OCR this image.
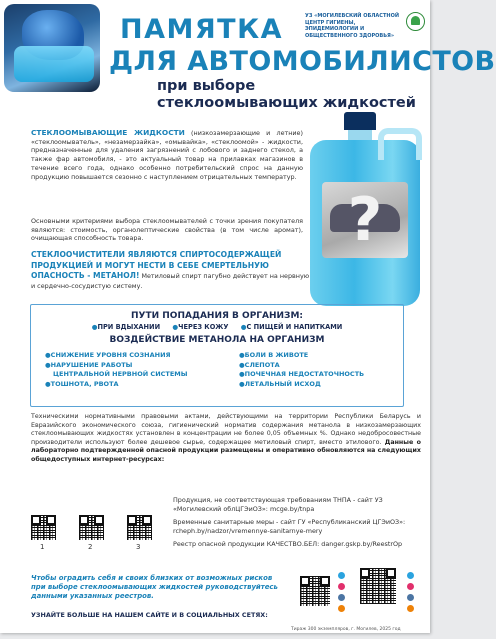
ПАМЯТКА
ДЛЯ АВТОМОБИЛИСТОВ
при выборе стеклоомывающих жидкостей
УЗ «МОГИЛЕВСКИЙ ОБЛАСТНОЙ ЦЕНТР ГИГИЕНЫ, ЭПИДЕМИОЛОГИИ И ОБЩЕСТВЕННОГО ЗДОРОВЬЯ»
СТЕКЛООМЫВАЮЩИЕ ЖИДКОСТИ (низкозамерзающие и летние) «стеклоомыватель», «незамерзайка», «омывайка», «стеклоомой» - жидкости, предназначенные для удаления загрязнений с лобового и заднего стекол, а также фар автомобиля, - это актуальный товар на прилавках магазинов в течение всего года, однако особенно потребительский спрос на данную продукцию повышается сезонно с наступлением отрицательных температур.
Основными критериями выбора стеклоомывателей с точки зрения покупателя являются: стоимость, органолептические свойства (в том числе аромат), очищающая способность товара.
СТЕКЛООЧИСТИТЕЛИ ЯВЛЯЮТСЯ СПИРТОСОДЕРЖАЩЕЙ ПРОДУКЦИЕЙ И МОГУТ НЕСТИ В СЕБЕ СМЕРТЕЛЬНУЮ ОПАСНОСТЬ - МЕТАНОЛ! Метиловый спирт пагубно действует на нервную и сердечно-сосудистую систему.
?
ПУТИ ПОПАДАНИЯ В ОРГАНИЗМ:
● ПРИ ВДЫХАНИИ	● ЧЕРЕЗ КОЖУ	● С ПИЩЕЙ И НАПИТКАМИ
ВОЗДЕЙСТВИЕ МЕТАНОЛА НА ОРГАНИЗМ
● СНИЖЕНИЕ УРОВНЯ СОЗНАНИЯ
● НАРУШЕНИЕ РАБОТЫ
ЦЕНТРАЛЬНОЙ НЕРВНОЙ СИСТЕМЫ
● ТОШНОТА, РВОТА
● БОЛИ В ЖИВОТЕ
● СЛЕПОТА
● ПОЧЕЧНАЯ НЕДОСТАТОЧНОСТЬ
● ЛЕТАЛЬНЫЙ ИСХОД
Техническими нормативными правовыми актами, действующими на территории Республики Беларусь и Евразийского экономического союза, гигиенический норматив содержания метанола в низкозамерзающих стеклоомывающих жидкостях установлен в концентрации не более 0,05 объемных %. Однако недобросовестные производители используют более дешевое сырье, содержащее метиловый спирт, вместо этилового. Данные о лабораторно подтвержденной опасной продукции размещены и оперативно обновляются на следующих общедоступных интернет-ресурсах:
1	2	3

Продукция, не соответствующая требованиям ТНПА - сайт УЗ «Могилевский облЦГЭиОЗ»: mcge.by/tnpa

Временные санитарные меры - сайт ГУ «Республиканский ЦГЭиОЗ»: rcheph.by/nadzor/vremennye-sanitarnye-mery

Реестр опасной продукции КАЧЕСТВО.БЕЛ: danger.gskp.by/ReestrOp

Чтобы оградить себя и своих близких от возможных рисков при выборе стеклоомывающих жидкостей руководствуйтесь данными указанных реестров.
УЗНАЙТЕ БОЛЬШЕ НА НАШЕМ САЙТЕ И В СОЦИАЛЬНЫХ СЕТЯХ:
Тираж 300 экземпляров, г. Могилев, 2025 год
